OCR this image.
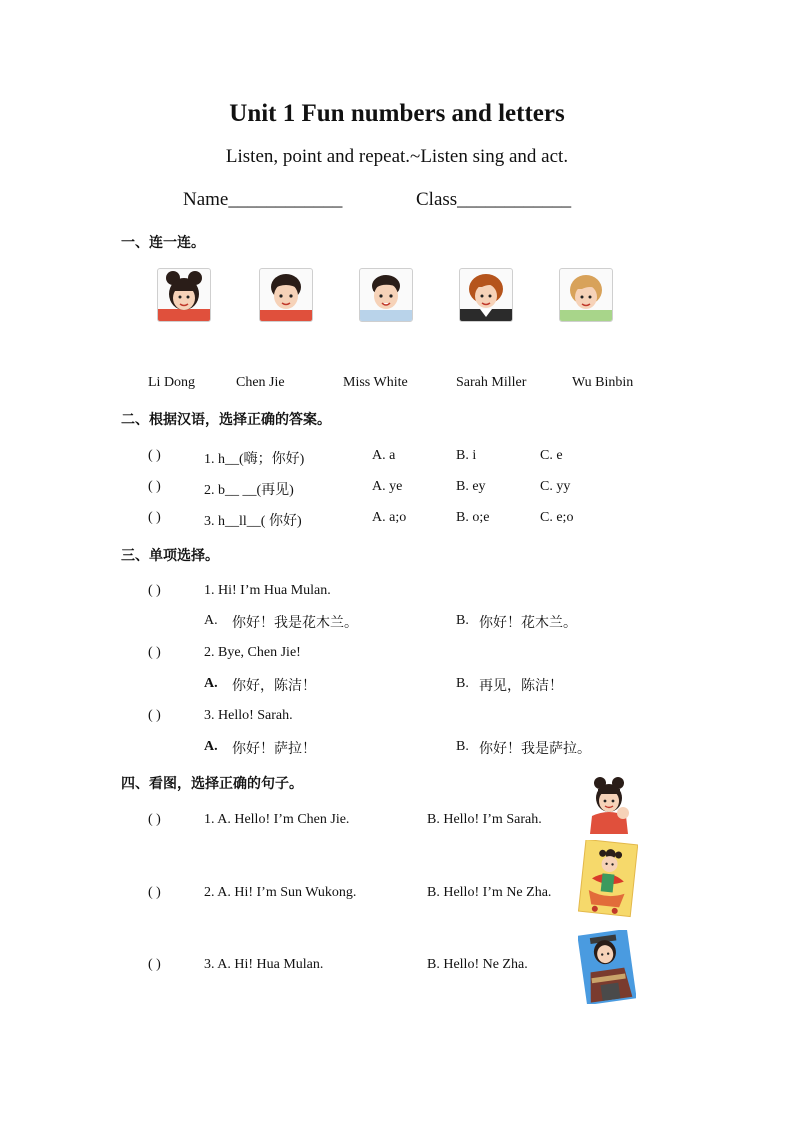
Unit 1 Fun numbers and letters
Listen, point and repeat.~Listen sing and act.
Name____________	Class____________
一、连一连。
Li Dong	Chen Jie	Miss White	Sarah Miller	Wu Binbin
二、根据汉语，选择正确的答案。
( )	1. h__(嗨；你好)	A. a	B. i	C. e
( )	2. b__ __(再见)	A. ye	B. ey	C. yy
( )	3. h__ll__( 你好)	A. a;o	B. o;e	C. e;o
三、单项选择。
( )	1. Hi! I’m Hua Mulan.
A. 你好！我是花木兰。	B. 你好！花木兰。
( )	2. Bye, Chen Jie!
A. 你好，陈洁！	B. 再见，陈洁！
( )	3. Hello! Sarah.
A. 你好！萨拉！	B. 你好！我是萨拉。
四、看图，选择正确的句子。
( )	1. A. Hello! I’m Chen Jie.	B. Hello! I’m Sarah.
( )	2. A. Hi! I’m Sun Wukong.	B. Hello! I’m Ne Zha.
( )	3. A. Hi! Hua Mulan.	B. Hello! Ne Zha.
